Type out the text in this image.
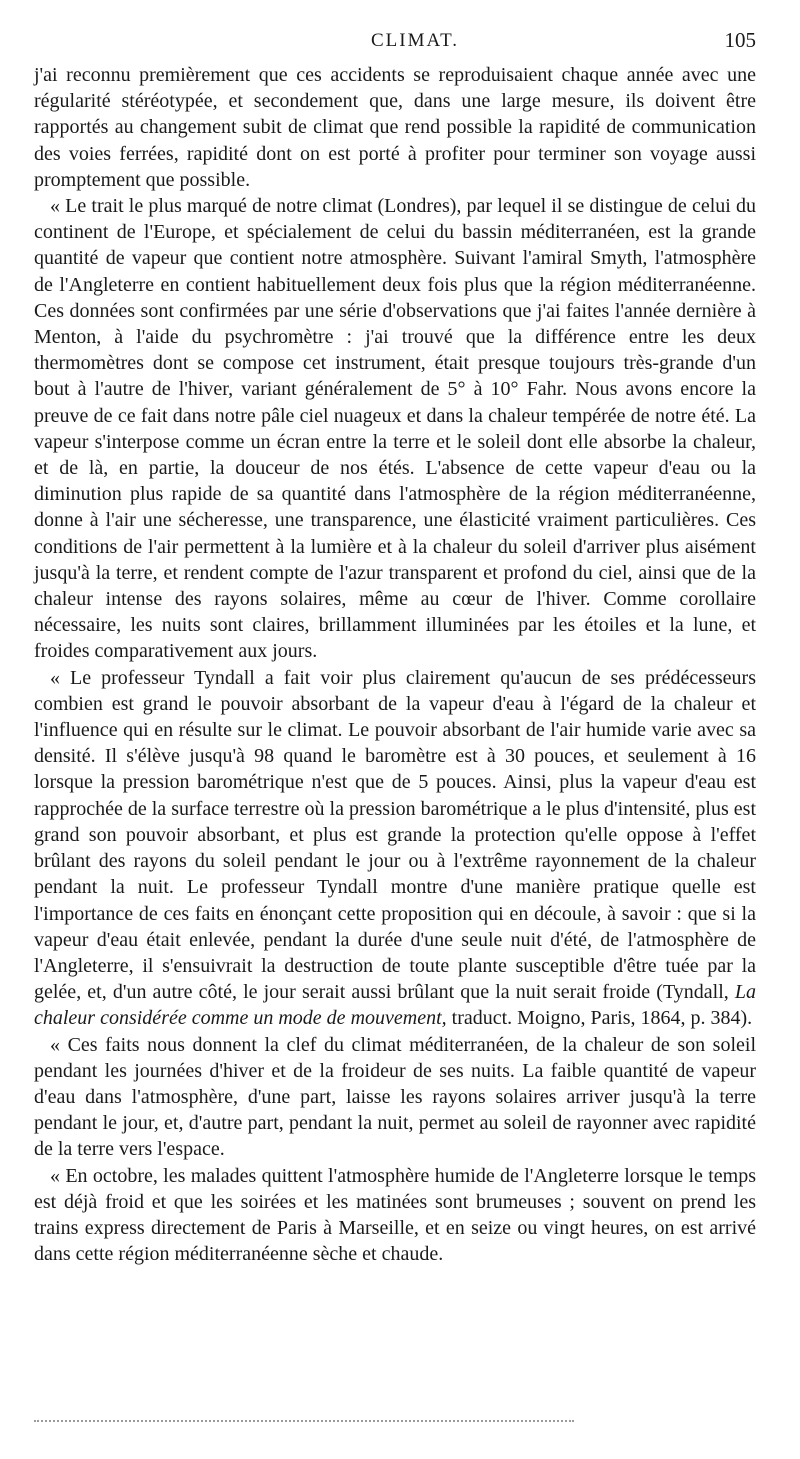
CLIMAT.	105

j'ai reconnu premièrement que ces accidents se reproduisaient chaque année avec une régularité stéréotypée, et secondement que, dans une large mesure, ils doivent être rapportés au changement subit de climat que rend possible la rapidité de communication des voies ferrées, rapidité dont on est porté à profiter pour terminer son voyage aussi promptement que possible.

« Le trait le plus marqué de notre climat (Londres), par lequel il se distingue de celui du continent de l'Europe, et spécialement de celui du bassin méditerranéen, est la grande quantité de vapeur que contient notre atmosphère. Suivant l'amiral Smyth, l'atmosphère de l'Angleterre en contient habituellement deux fois plus que la région méditerranéenne. Ces données sont confirmées par une série d'observations que j'ai faites l'année dernière à Menton, à l'aide du psychromètre : j'ai trouvé que la différence entre les deux thermomètres dont se compose cet instrument, était presque toujours très-grande d'un bout à l'autre de l'hiver, variant généralement de 5° à 10° Fahr. Nous avons encore la preuve de ce fait dans notre pâle ciel nuageux et dans la chaleur tempérée de notre été. La vapeur s'interpose comme un écran entre la terre et le soleil dont elle absorbe la chaleur, et de là, en partie, la douceur de nos étés. L'absence de cette vapeur d'eau ou la diminution plus rapide de sa quantité dans l'atmosphère de la région méditerranéenne, donne à l'air une sécheresse, une transparence, une élasticité vraiment particulières. Ces conditions de l'air permettent à la lumière et à la chaleur du soleil d'arriver plus aisément jusqu'à la terre, et rendent compte de l'azur transparent et profond du ciel, ainsi que de la chaleur intense des rayons solaires, même au cœur de l'hiver. Comme corollaire nécessaire, les nuits sont claires, brillamment illuminées par les étoiles et la lune, et froides comparativement aux jours.

« Le professeur Tyndall a fait voir plus clairement qu'aucun de ses prédécesseurs combien est grand le pouvoir absorbant de la vapeur d'eau à l'égard de la chaleur et l'influence qui en résulte sur le climat. Le pouvoir absorbant de l'air humide varie avec sa densité. Il s'élève jusqu'à 98 quand le baromètre est à 30 pouces, et seulement à 16 lorsque la pression barométrique n'est que de 5 pouces. Ainsi, plus la vapeur d'eau est rapprochée de la surface terrestre où la pression barométrique a le plus d'intensité, plus est grand son pouvoir absorbant, et plus est grande la protection qu'elle oppose à l'effet brûlant des rayons du soleil pendant le jour ou à l'extrême rayonnement de la chaleur pendant la nuit. Le professeur Tyndall montre d'une manière pratique quelle est l'importance de ces faits en énonçant cette proposition qui en découle, à savoir : que si la vapeur d'eau était enlevée, pendant la durée d'une seule nuit d'été, de l'atmosphère de l'Angleterre, il s'ensuivrait la destruction de toute plante susceptible d'être tuée par la gelée, et, d'un autre côté, le jour serait aussi brûlant que la nuit serait froide (Tyndall, La chaleur considérée comme un mode de mouvement, traduct. Moigno, Paris, 1864, p. 384).

« Ces faits nous donnent la clef du climat méditerranéen, de la chaleur de son soleil pendant les journées d'hiver et de la froideur de ses nuits. La faible quantité de vapeur d'eau dans l'atmosphère, d'une part, laisse les rayons solaires arriver jusqu'à la terre pendant le jour, et, d'autre part, pendant la nuit, permet au soleil de rayonner avec rapidité de la terre vers l'espace.

« En octobre, les malades quittent l'atmosphère humide de l'Angleterre lorsque le temps est déjà froid et que les soirées et les matinées sont brumeuses ; souvent on prend les trains express directement de Paris à Marseille, et en seize ou vingt heures, on est arrivé dans cette région méditerranéenne sèche et chaude.
